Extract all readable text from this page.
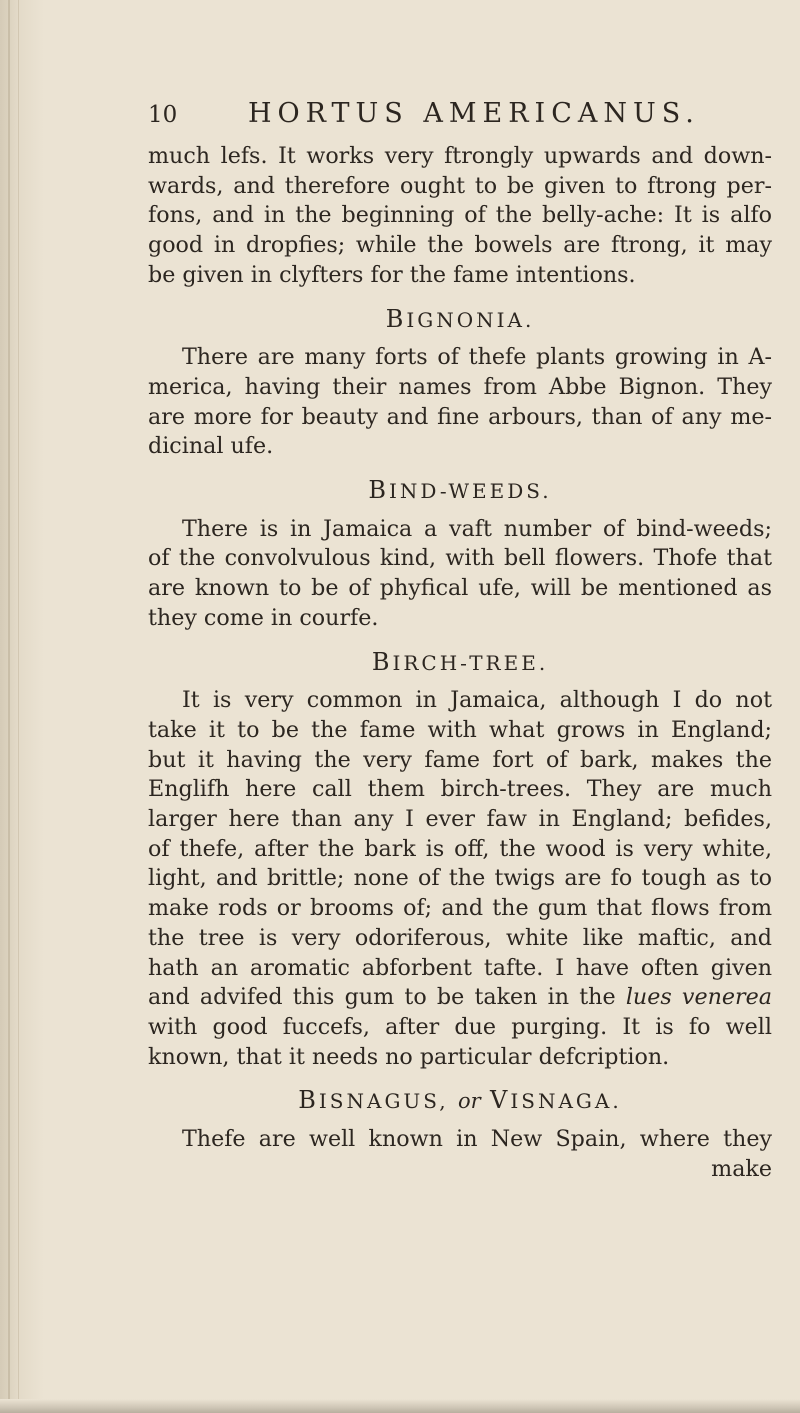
10	HORTUS AMERICANUS.

much lefs. It works very ftrongly upwards and down-
wards, and therefore ought to be given to ftrong per-
fons, and in the beginning of the belly-ache: It is alfo
good in dropfies; while the bowels are ftrong, it may
be given in clyfters for the fame intentions.

BIGNONIA.

There are many forts of thefe plants growing in A-
merica, having their names from Abbe Bignon. They
are more for beauty and fine arbours, than of any me-
dicinal ufe.

BIND-WEEDS.

There is in Jamaica a vaft number of bind-weeds;
of the convolvulous kind, with bell flowers. Thofe that
are known to be of phyfical ufe, will be mentioned as
they come in courfe.

BIRCH-TREE.

It is very common in Jamaica, although I do not
take it to be the fame with what grows in England;
but it having the very fame fort of bark, makes the
Englifh here call them birch-trees. They are much
larger here than any I ever faw in England; befides,
of thefe, after the bark is off, the wood is very white,
light, and brittle; none of the twigs are fo tough as to
make rods or brooms of; and the gum that flows from
the tree is very odoriferous, white like maftic, and
hath an aromatic abforbent tafte. I have often given
and advifed this gum to be taken in the lues venerea
with good fuccefs, after due purging. It is fo well
known, that it needs no particular defcription.

BISNAGUS, or VISNAGA.

Thefe are well known in New Spain, where they
make
